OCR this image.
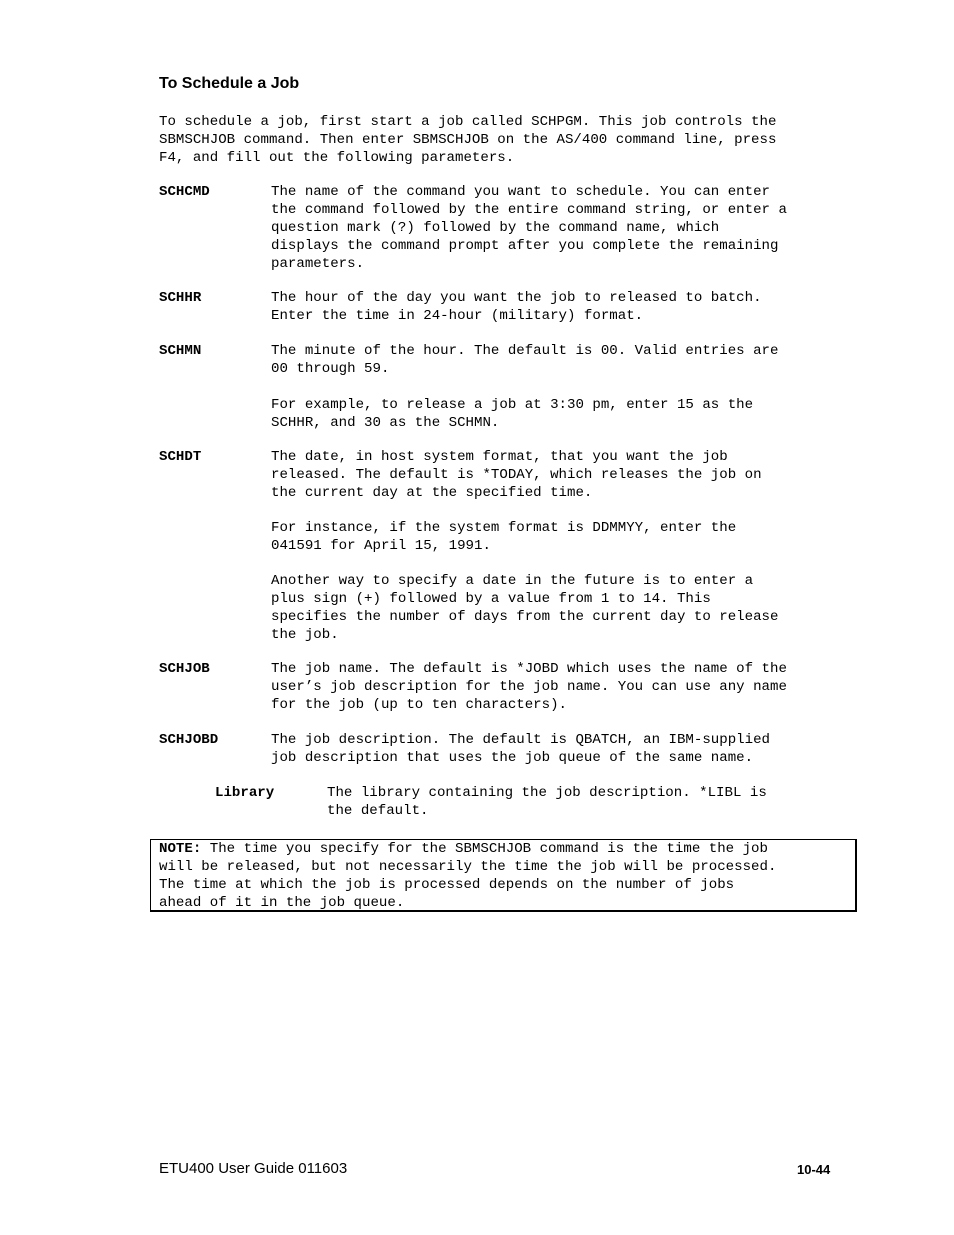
To Schedule a Job
To schedule a job, first start a job called SCHPGM. This job controls the
SBMSCHJOB command. Then enter SBMSCHJOB on the AS/400 command line, press
F4, and fill out the following parameters.
SCHCMD	The name of the command you want to schedule. You can enter
the command followed by the entire command string, or enter a
question mark (?) followed by the command name, which
displays the command prompt after you complete the remaining
parameters.
SCHHR	The hour of the day you want the job to released to batch.
Enter the time in 24-hour (military) format.
SCHMN	The minute of the hour. The default is 00. Valid entries are
00 through 59.
For example, to release a job at 3:30 pm, enter 15 as the
SCHHR, and 30 as the SCHMN.
SCHDT	The date, in host system format, that you want the job
released. The default is *TODAY, which releases the job on
the current day at the specified time.
For instance, if the system format is DDMMYY, enter the
041591 for April 15, 1991.
Another way to specify a date in the future is to enter a
plus sign (+) followed by a value from 1 to 14. This
specifies the number of days from the current day to release
the job.
SCHJOB	The job name. The default is *JOBD which uses the name of the
user’s job description for the job name. You can use any name
for the job (up to ten characters).
SCHJOBD	The job description. The default is QBATCH, an IBM-supplied
job description that uses the job queue of the same name.
Library	The library containing the job description. *LIBL is
the default.
NOTE: The time you specify for the SBMSCHJOB command is the time the job
will be released, but not necessarily the time the job will be processed.
The time at which the job is processed depends on the number of jobs
ahead of it in the job queue.
ETU400 User Guide 011603	10-44
